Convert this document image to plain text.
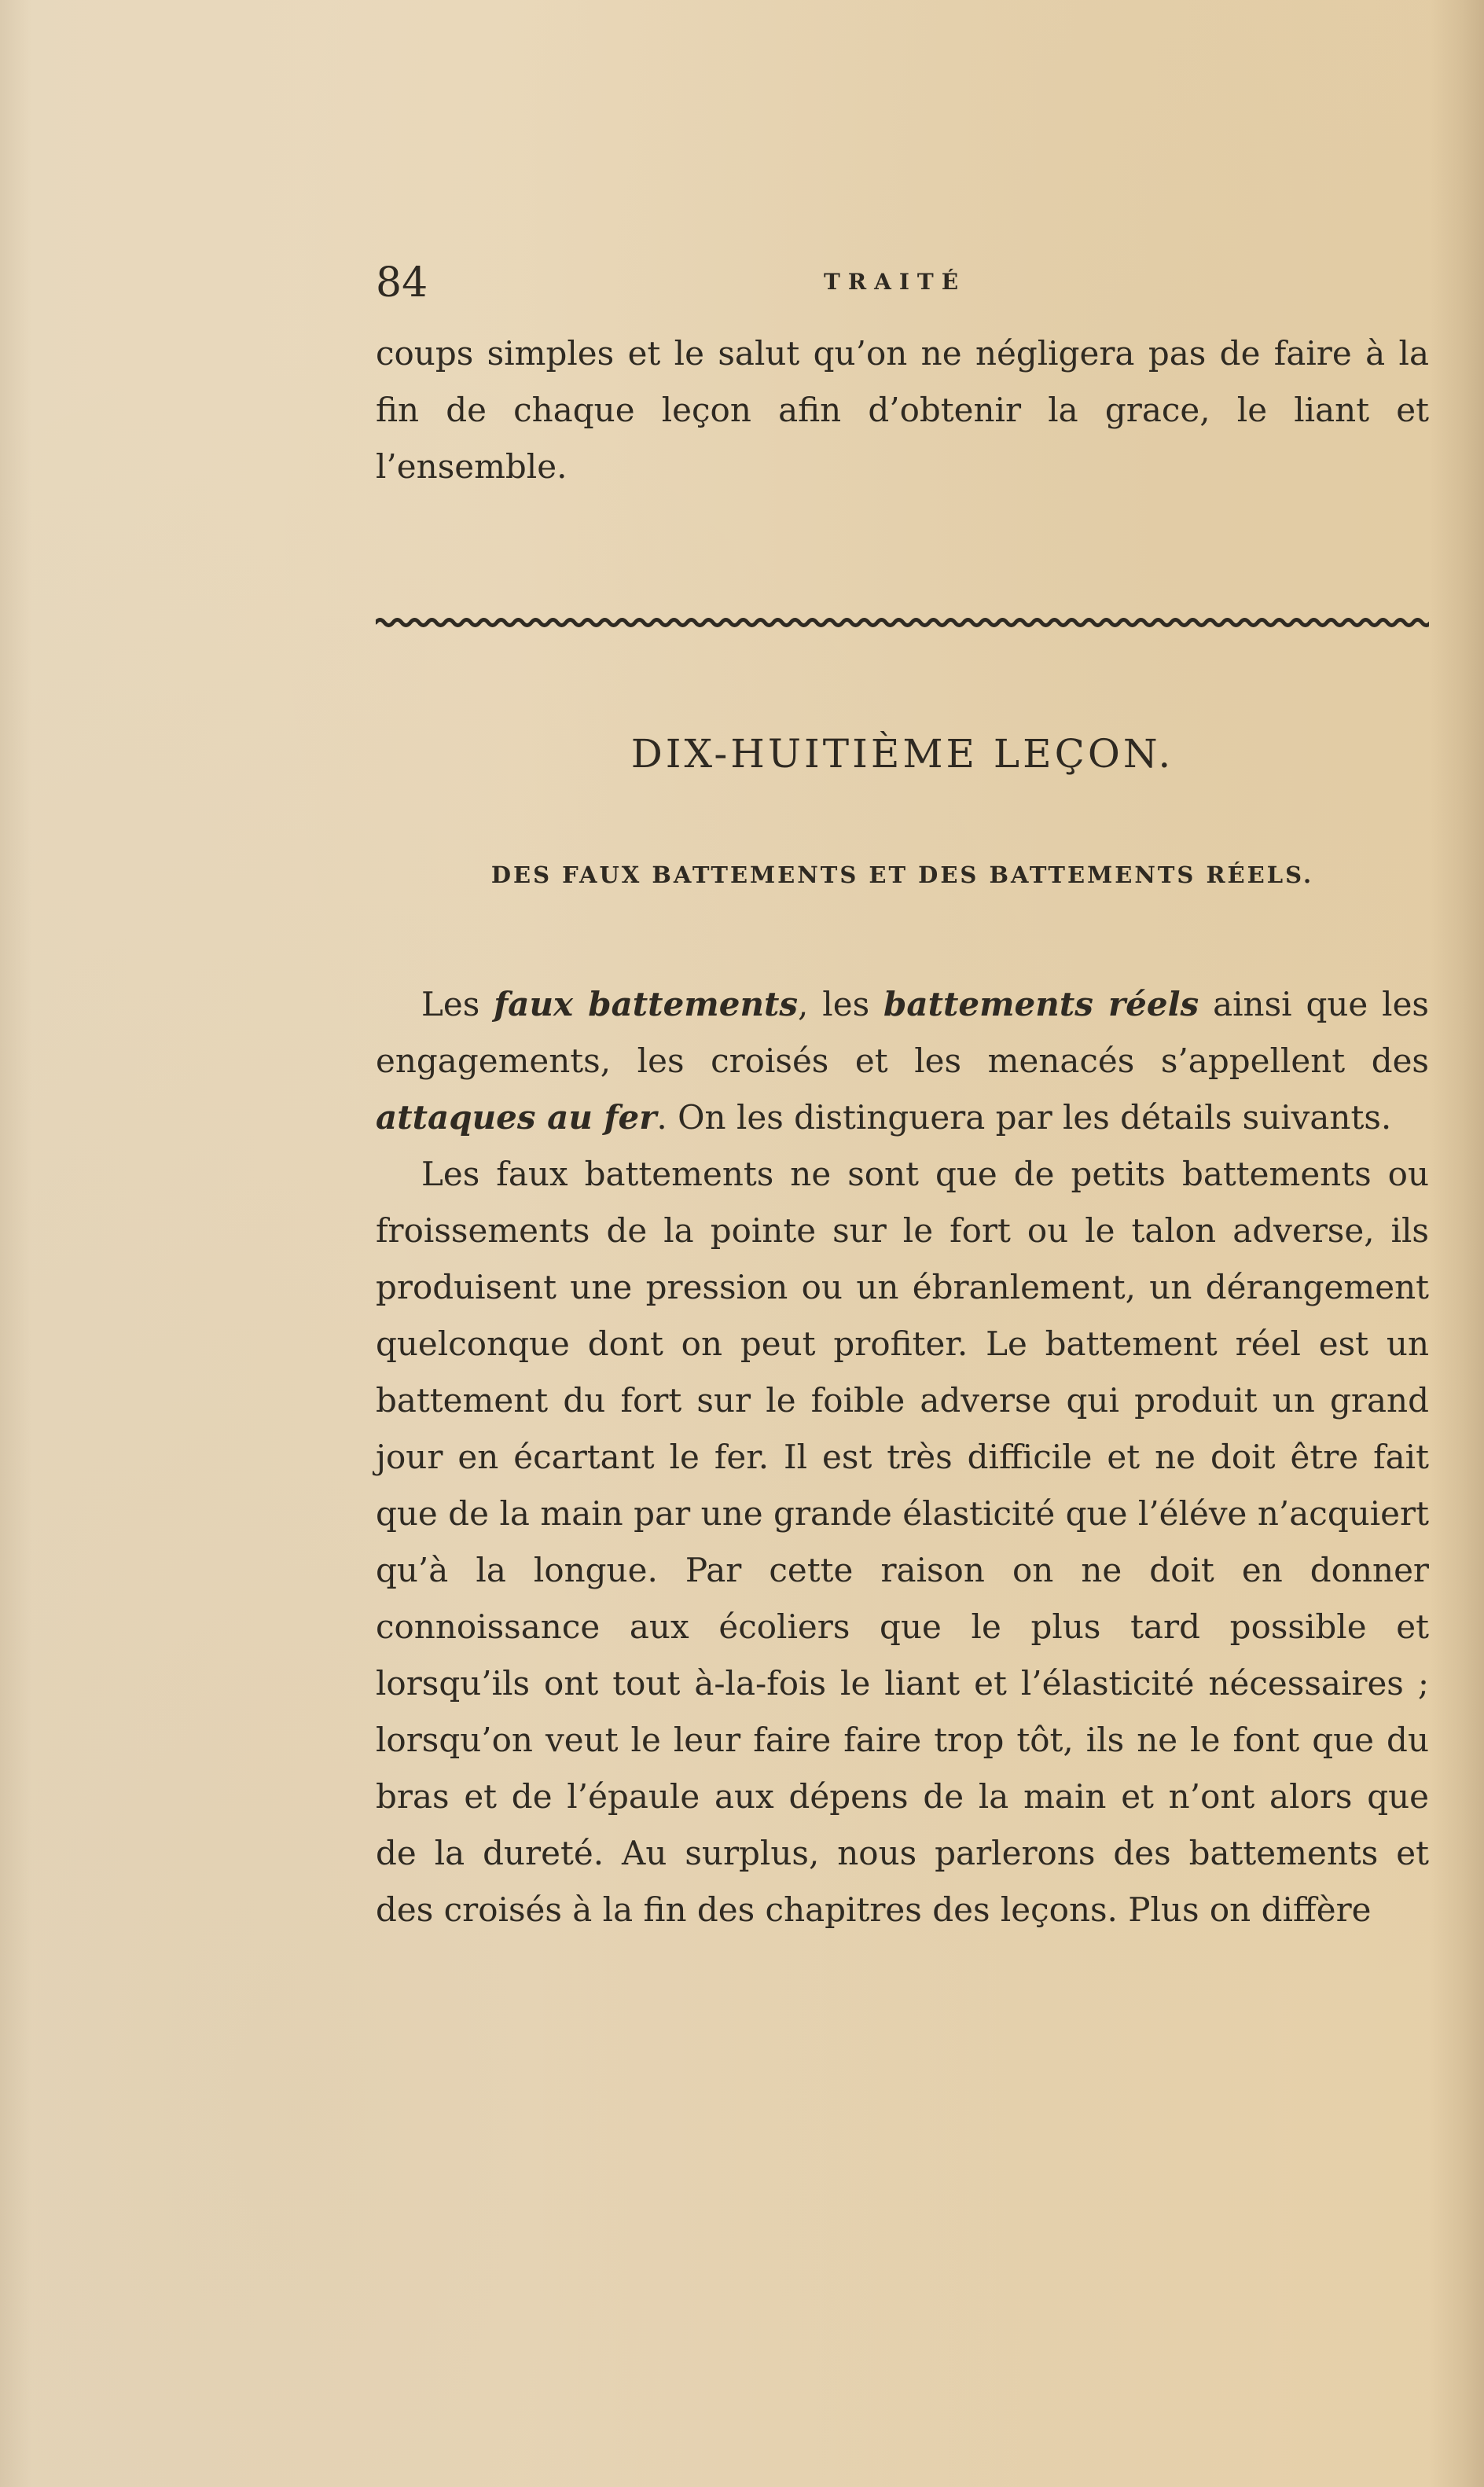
84	TRAITÉ

coups simples et le salut qu’on ne négligera pas de faire à la fin de chaque leçon afin d’obtenir la grace, le liant et l’ensemble.

DIX-HUITIÈME LEÇON.
DES FAUX BATTEMENTS ET DES BATTEMENTS RÉELS.

Les faux battements, les battements réels ainsi que les engagements, les croisés et les menacés s’appellent des attaques au fer. On les distinguera par les détails suivants.

Les faux battements ne sont que de petits battements ou froissements de la pointe sur le fort ou le talon adverse, ils produisent une pression ou un ébranlement, un dérangement quelconque dont on peut profiter. Le battement réel est un battement du fort sur le foible adverse qui produit un grand jour en écartant le fer. Il est très difficile et ne doit être fait que de la main par une grande élasticité que l’éléve n’acquiert qu’à la longue. Par cette raison on ne doit en donner connoissance aux écoliers que le plus tard possible et lorsqu’ils ont tout à-la-fois le liant et l’élasticité nécessaires ; lorsqu’on veut le leur faire faire trop tôt, ils ne le font que du bras et de l’épaule aux dépens de la main et n’ont alors que de la dureté. Au surplus, nous parlerons des battements et des croisés à la fin des chapitres des leçons. Plus on diffère
